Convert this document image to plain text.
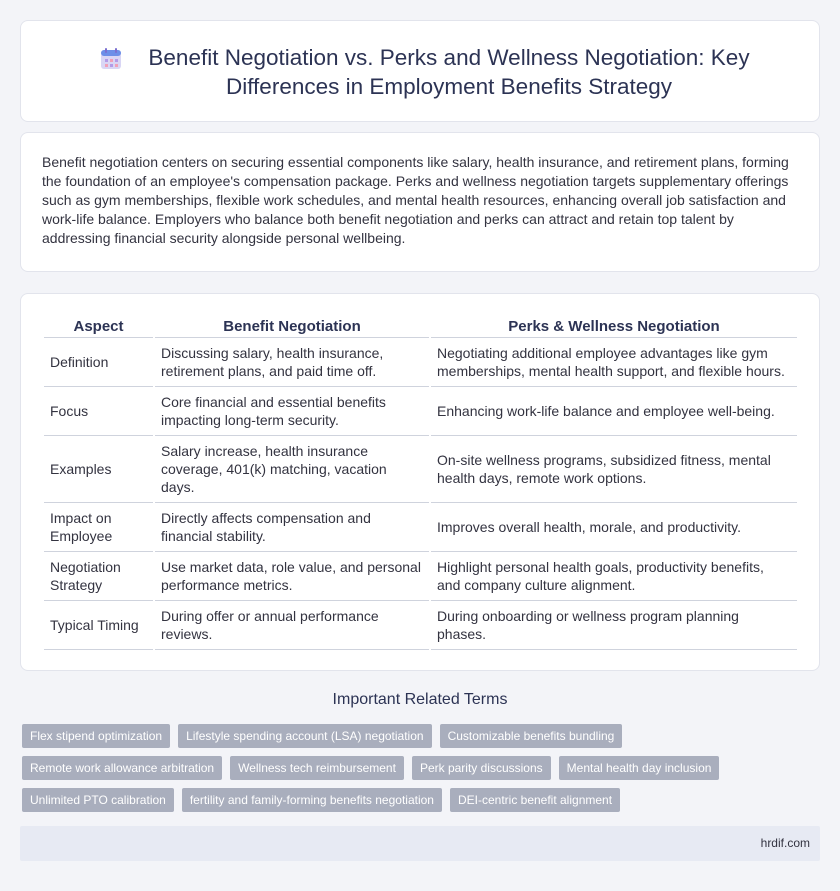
Benefit Negotiation vs. Perks and Wellness Negotiation: Key Differences in Employment Benefits Strategy

Benefit negotiation centers on securing essential components like salary, health insurance, and retirement plans, forming the foundation of an employee's compensation package. Perks and wellness negotiation targets supplementary offerings such as gym memberships, flexible work schedules, and mental health resources, enhancing overall job satisfaction and work-life balance. Employers who balance both benefit negotiation and perks can attract and retain top talent by addressing financial security alongside personal wellbeing.

Aspect	Benefit Negotiation	Perks & Wellness Negotiation
Definition	Discussing salary, health insurance, retirement plans, and paid time off.	Negotiating additional employee advantages like gym memberships, mental health support, and flexible hours.
Focus	Core financial and essential benefits impacting long-term security.	Enhancing work-life balance and employee well-being.
Examples	Salary increase, health insurance coverage, 401(k) matching, vacation days.	On-site wellness programs, subsidized fitness, mental health days, remote work options.
Impact on Employee	Directly affects compensation and financial stability.	Improves overall health, morale, and productivity.
Negotiation Strategy	Use market data, role value, and personal performance metrics.	Highlight personal health goals, productivity benefits, and company culture alignment.
Typical Timing	During offer or annual performance reviews.	During onboarding or wellness program planning phases.
Important Related Terms
Flex stipend optimization	Lifestyle spending account (LSA) negotiation	Customizable benefits bundling
Remote work allowance arbitration	Wellness tech reimbursement	Perk parity discussions	Mental health day inclusion
Unlimited PTO calibration	fertility and family-forming benefits negotiation	DEI-centric benefit alignment
hrdif.com
